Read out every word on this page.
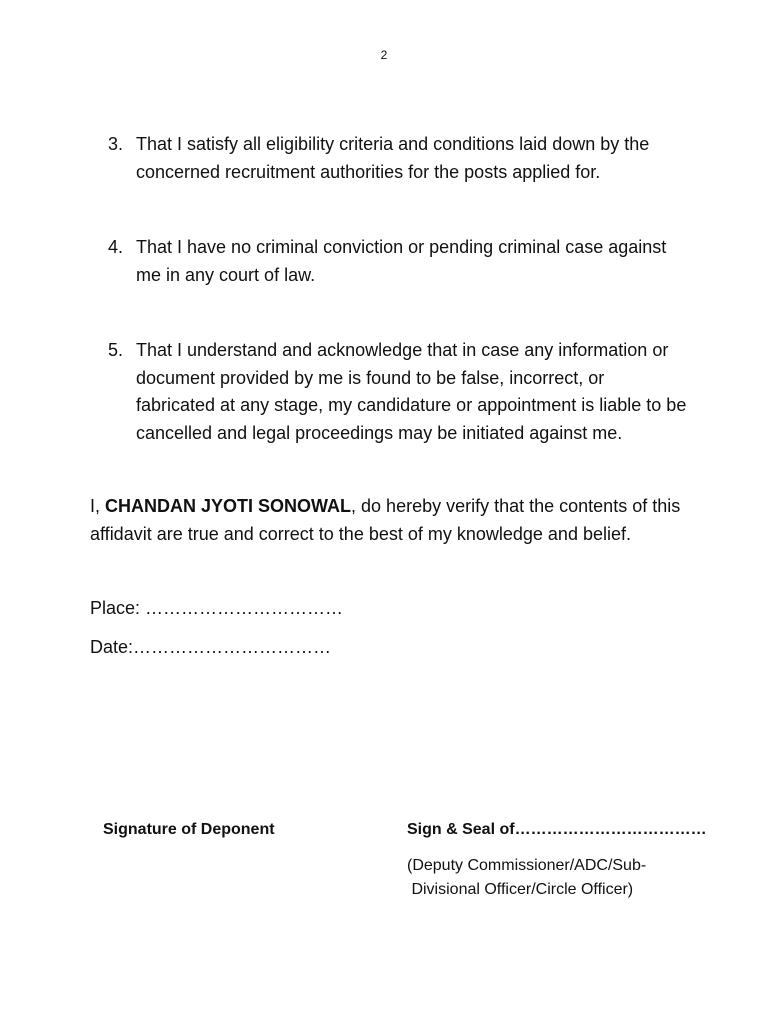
2
3. That I satisfy all eligibility criteria and conditions laid down by the concerned recruitment authorities for the posts applied for.
4. That I have no criminal conviction or pending criminal case against me in any court of law.
5. That I understand and acknowledge that in case any information or document provided by me is found to be false, incorrect, or fabricated at any stage, my candidature or appointment is liable to be cancelled and legal proceedings may be initiated against me.

I, CHANDAN JYOTI SONOWAL, do hereby verify that the contents of this affidavit are true and correct to the best of my knowledge and belief.

Place: ……………………………
Date:……………………………
Signature of Deponent	Sign & Seal of………………………………
(Deputy Commissioner/ADC/Sub-
Divisional Officer/Circle Officer)
